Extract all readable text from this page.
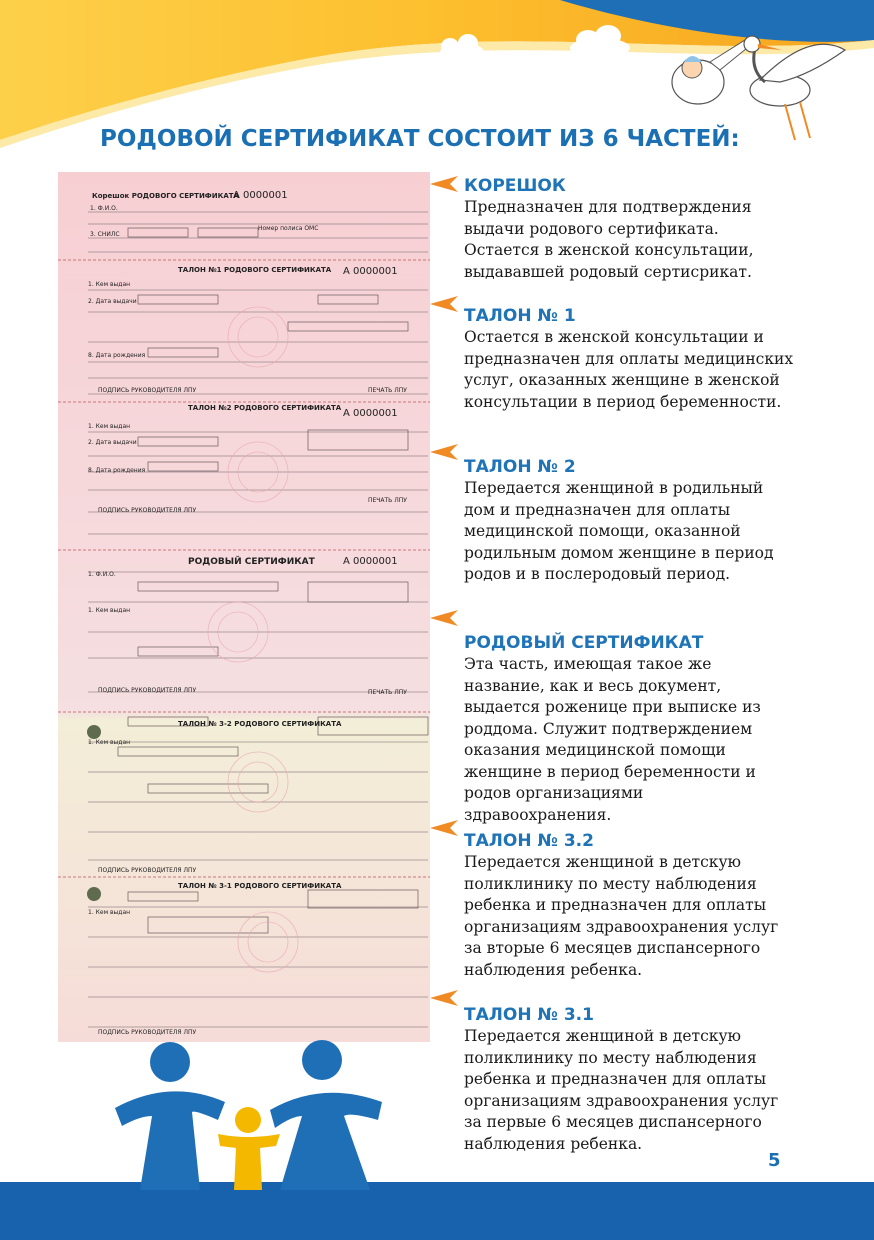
РОДОВОЙ СЕРТИФИКАТ СОСТОИТ ИЗ 6 ЧАСТЕЙ:
Корешок РОДОВОГО СЕРТИФИКАТА
А 0000001
1. Ф.И.О.
3. СНИЛС
Номер полиса ОМС
ТАЛОН №1 РОДОВОГО СЕРТИФИКАТА А 0000001
1. Кем выдан
2. Дата выдачи
8. Дата рождения
ПОДПИСЬ РУКОВОДИТЕЛЯ ЛПУ	ПЕЧАТЬ ЛПУ
ТАЛОН №2 РОДОВОГО СЕРТИФИКАТА А 0000001
1. Кем выдан
2. Дата выдачи
8. Дата рождения
ПОДПИСЬ РУКОВОДИТЕЛЯ ЛПУ
ПЕЧАТЬ ЛПУ
РОДОВЫЙ СЕРТИФИКАТ	А 0000001
1. Ф.И.О.
1. Кем выдан
ПОДПИСЬ РУКОВОДИТЕЛЯ ЛПУ	ПЕЧАТЬ ЛПУ
ТАЛОН № 3-2 РОДОВОГО СЕРТИФИКАТА
1. Кем выдан
ПОДПИСЬ РУКОВОДИТЕЛЯ ЛПУ
ТАЛОН № 3-1 РОДОВОГО СЕРТИФИКАТА
1. Кем выдан
ПОДПИСЬ РУКОВОДИТЕЛЯ ЛПУ
КОРЕШОК

Предназначен для подтверждения выдачи родового сертификата. Остается в женской консультации, выдававшей родовый сертисрикат.

ТАЛОН № 1

Остается в женской консультации и предназначен для оплаты медицинских услуг, оказанных женщине в женской консультации в период беременности.

ТАЛОН № 2

Передается женщиной в родильный дом и предназначен для оплаты медицинской помощи, оказанной родильным домом женщине в период родов и в послеродовый период.

РОДОВЫЙ СЕРТИФИКАТ

Эта часть, имеющая такое же название, как и весь документ, выдается роженице при выписке из роддома. Служит подтверждением оказания медицинской помощи женщине в период беременности и родов организациями здравоохранения.

ТАЛОН № 3.2

Передается женщиной в детскую поликлинику по месту наблюдения ребенка и предназначен для оплаты организациям здравоохранения услуг за вторые 6 месяцев диспансерного наблюдения ребенка.

ТАЛОН № 3.1

Передается женщиной в детскую поликлинику по месту наблюдения ребенка и предназначен для оплаты организациям здравоохранения услуг за первые 6 месяцев диспансерного наблюдения ребенка.

5
